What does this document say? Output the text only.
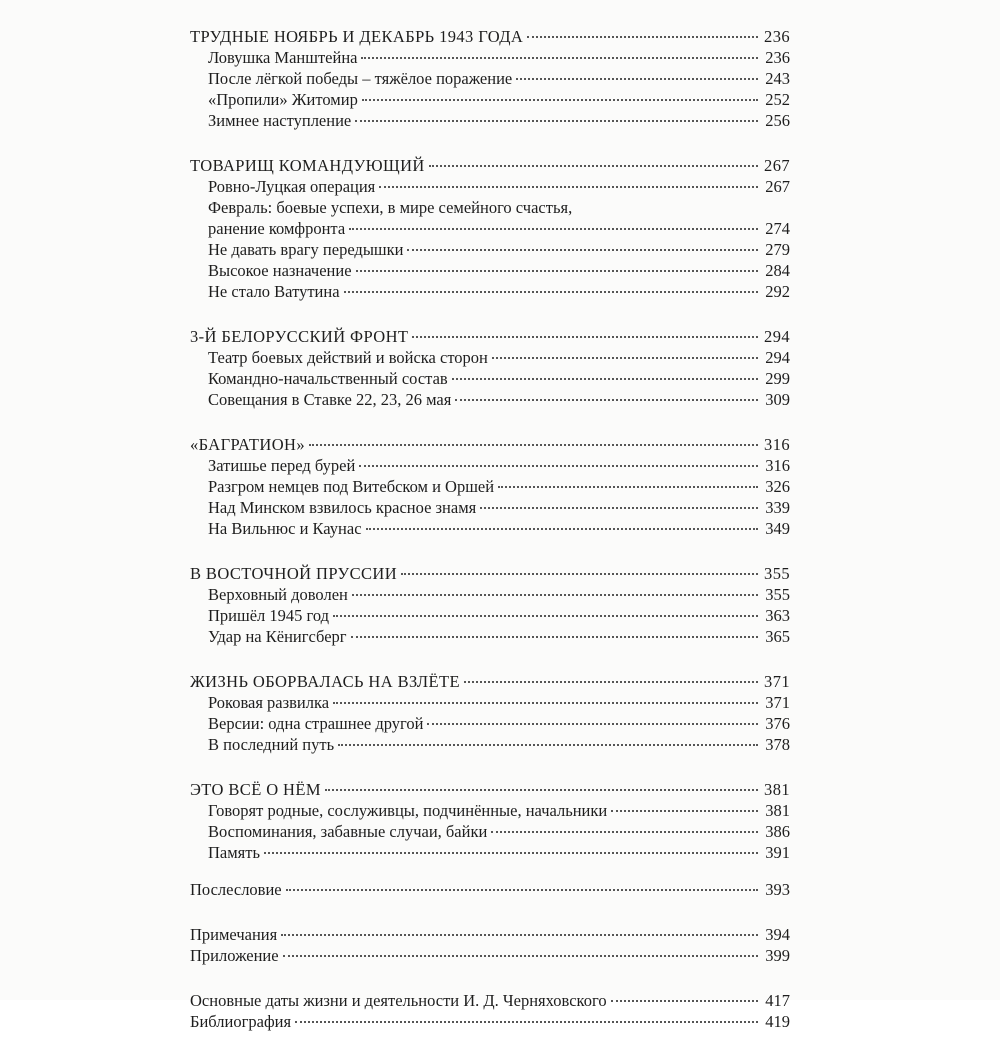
ТРУДНЫЕ НОЯБРЬ И ДЕКАБРЬ 1943 ГОДА	236
Ловушка Манштейна	236
После лёгкой победы – тяжёлое поражение	243
«Пропили» Житомир	252
Зимнее наступление	256
ТОВАРИЩ КОМАНДУЮЩИЙ	267
Ровно-Луцкая операция	267
Февраль: боевые успехи, в мире семейного счастья,
ранение комфронта	274
Не давать врагу передышки	279
Высокое назначение	284
Не стало Ватутина	292
3-Й БЕЛОРУССКИЙ ФРОНТ	294
Театр боевых действий и войска сторон	294
Командно-начальственный состав	299
Совещания в Ставке 22, 23, 26 мая	309
«БАГРАТИОН»	316
Затишье перед бурей	316
Разгром немцев под Витебском и Оршей	326
Над Минском взвилось красное знамя	339
На Вильнюс и Каунас	349
В ВОСТОЧНОЙ ПРУССИИ	355
Верховный доволен	355
Пришёл 1945 год	363
Удар на Кёнигсберг	365
ЖИЗНЬ ОБОРВАЛАСЬ НА ВЗЛЁТЕ	371
Роковая развилка	371
Версии: одна страшнее другой	376
В последний путь	378
ЭТО ВСЁ О НЁМ	381
Говорят родные, сослуживцы, подчинённые, начальники	381
Воспоминания, забавные случаи, байки	386
Память	391
Послесловие	393
Примечания	394
Приложение	399
Основные даты жизни и деятельности И. Д. Черняховского	417
Библиография	419
